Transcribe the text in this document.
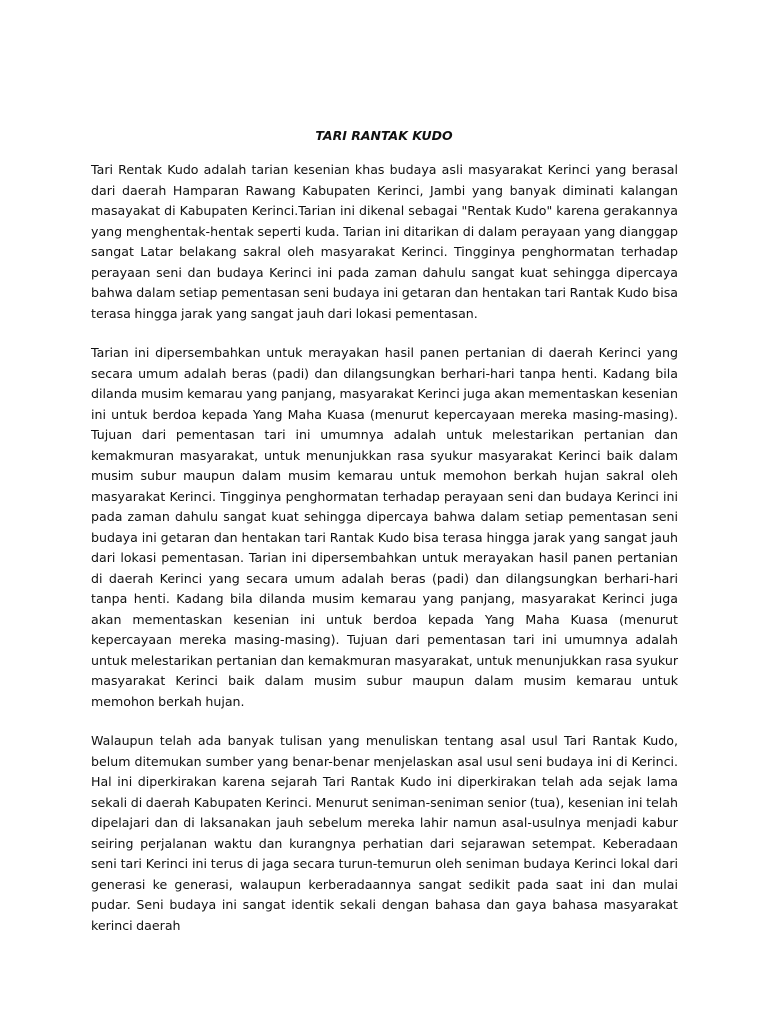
TARI RANTAK KUDO

Tari Rentak Kudo adalah tarian kesenian khas budaya asli masyarakat Kerinci yang berasal dari daerah Hamparan Rawang Kabupaten Kerinci, Jambi yang banyak diminati kalangan masayakat di Kabupaten Kerinci.Tarian ini dikenal sebagai "Rentak Kudo" karena gerakannya yang menghentak-hentak seperti kuda. Tarian ini ditarikan di dalam perayaan yang dianggap sangat Latar belakang sakral oleh masyarakat Kerinci. Tingginya penghormatan terhadap perayaan seni dan budaya Kerinci ini pada zaman dahulu sangat kuat sehingga dipercaya bahwa dalam setiap pementasan seni budaya ini getaran dan hentakan tari Rantak Kudo bisa terasa hingga jarak yang sangat jauh dari lokasi pementasan.

Tarian ini dipersembahkan untuk merayakan hasil panen pertanian di daerah Kerinci yang secara umum adalah beras (padi) dan dilangsungkan berhari-hari tanpa henti. Kadang bila dilanda musim kemarau yang panjang, masyarakat Kerinci juga akan mementaskan kesenian ini untuk berdoa kepada Yang Maha Kuasa (menurut kepercayaan mereka masing-masing). Tujuan dari pementasan tari ini umumnya adalah untuk melestarikan pertanian dan kemakmuran masyarakat, untuk menunjukkan rasa syukur masyarakat Kerinci baik dalam musim subur maupun dalam musim kemarau untuk memohon berkah hujan sakral oleh masyarakat Kerinci. Tingginya penghormatan terhadap perayaan seni dan budaya Kerinci ini pada zaman dahulu sangat kuat sehingga dipercaya bahwa dalam setiap pementasan seni budaya ini getaran dan hentakan tari Rantak Kudo bisa terasa hingga jarak yang sangat jauh dari lokasi pementasan. Tarian ini dipersembahkan untuk merayakan hasil panen pertanian di daerah Kerinci yang secara umum adalah beras (padi) dan dilangsungkan berhari-hari tanpa henti. Kadang bila dilanda musim kemarau yang panjang, masyarakat Kerinci juga akan mementaskan kesenian ini untuk berdoa kepada Yang Maha Kuasa (menurut kepercayaan mereka masing-masing). Tujuan dari pementasan tari ini umumnya adalah untuk melestarikan pertanian dan kemakmuran masyarakat, untuk menunjukkan rasa syukur masyarakat Kerinci baik dalam musim subur maupun dalam musim kemarau untuk memohon berkah hujan.

Walaupun telah ada banyak tulisan yang menuliskan tentang asal usul Tari Rantak Kudo, belum ditemukan sumber yang benar-benar menjelaskan asal usul seni budaya ini di Kerinci. Hal ini diperkirakan karena sejarah Tari Rantak Kudo ini diperkirakan telah ada sejak lama sekali di daerah Kabupaten Kerinci. Menurut seniman-seniman senior (tua), kesenian ini telah dipelajari dan di laksanakan jauh sebelum mereka lahir namun asal-usulnya menjadi kabur seiring perjalanan waktu dan kurangnya perhatian dari sejarawan setempat. Keberadaan seni tari Kerinci ini terus di jaga secara turun-temurun oleh seniman budaya Kerinci lokal dari generasi ke generasi, walaupun kerberadaannya sangat sedikit pada saat ini dan mulai pudar. Seni budaya ini sangat identik sekali dengan bahasa dan gaya bahasa masyarakat kerinci daerah
